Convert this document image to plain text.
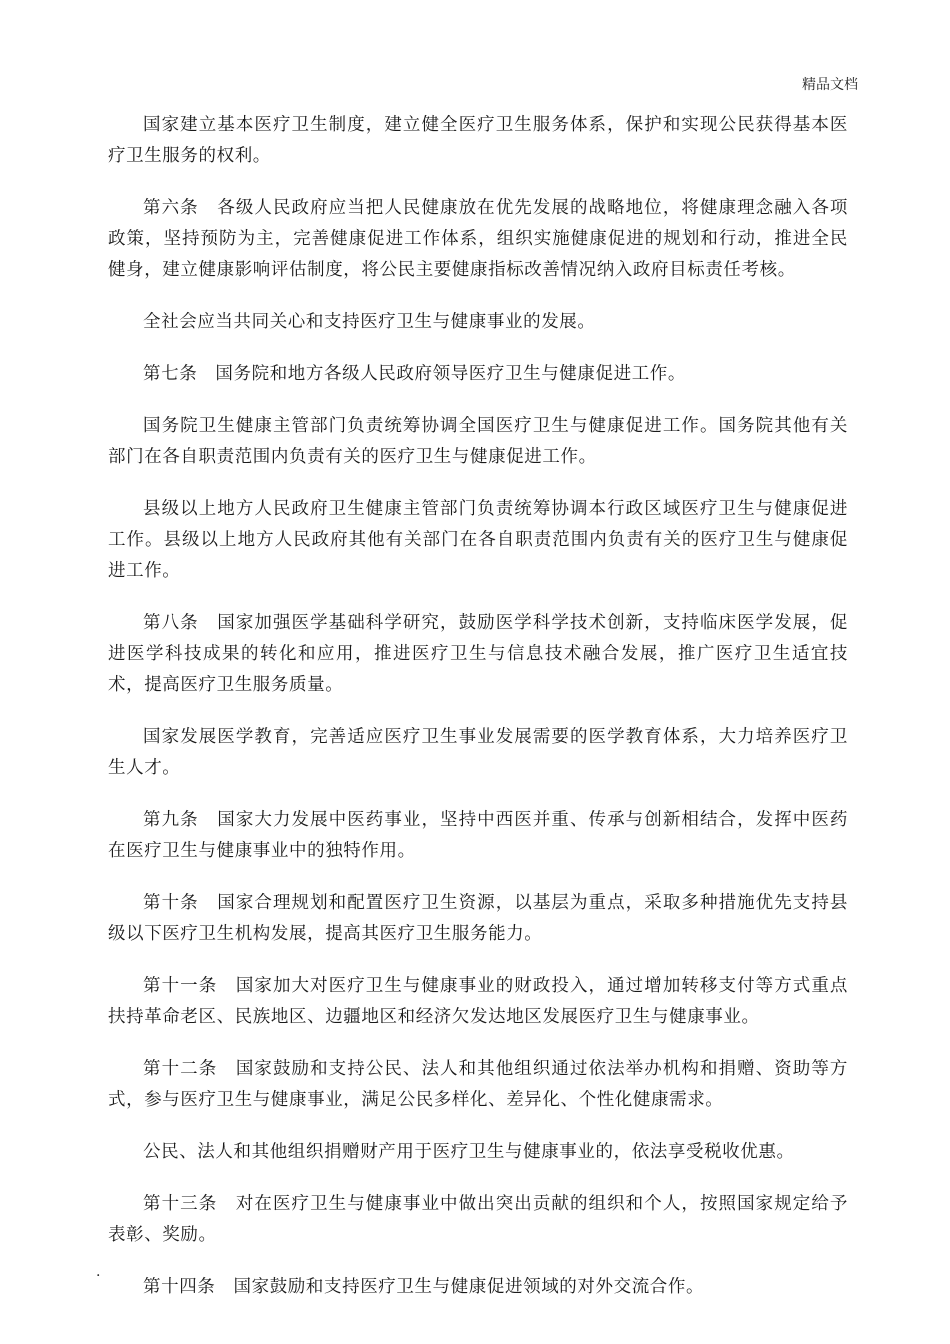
精品文档

国家建立基本医疗卫生制度，建立健全医疗卫生服务体系，保护和实现公民获得基本医疗卫生服务的权利。

第六条　各级人民政府应当把人民健康放在优先发展的战略地位，将健康理念融入各项政策，坚持预防为主，完善健康促进工作体系，组织实施健康促进的规划和行动，推进全民健身，建立健康影响评估制度，将公民主要健康指标改善情况纳入政府目标责任考核。

全社会应当共同关心和支持医疗卫生与健康事业的发展。

第七条　国务院和地方各级人民政府领导医疗卫生与健康促进工作。

国务院卫生健康主管部门负责统筹协调全国医疗卫生与健康促进工作。国务院其他有关部门在各自职责范围内负责有关的医疗卫生与健康促进工作。

县级以上地方人民政府卫生健康主管部门负责统筹协调本行政区域医疗卫生与健康促进工作。县级以上地方人民政府其他有关部门在各自职责范围内负责有关的医疗卫生与健康促进工作。

第八条　国家加强医学基础科学研究，鼓励医学科学技术创新，支持临床医学发展，促进医学科技成果的转化和应用，推进医疗卫生与信息技术融合发展，推广医疗卫生适宜技术，提高医疗卫生服务质量。

国家发展医学教育，完善适应医疗卫生事业发展需要的医学教育体系，大力培养医疗卫生人才。

第九条　国家大力发展中医药事业，坚持中西医并重、传承与创新相结合，发挥中医药在医疗卫生与健康事业中的独特作用。

第十条　国家合理规划和配置医疗卫生资源，以基层为重点，采取多种措施优先支持县级以下医疗卫生机构发展，提高其医疗卫生服务能力。

第十一条　国家加大对医疗卫生与健康事业的财政投入，通过增加转移支付等方式重点扶持革命老区、民族地区、边疆地区和经济欠发达地区发展医疗卫生与健康事业。

第十二条　国家鼓励和支持公民、法人和其他组织通过依法举办机构和捐赠、资助等方式，参与医疗卫生与健康事业，满足公民多样化、差异化、个性化健康需求。

公民、法人和其他组织捐赠财产用于医疗卫生与健康事业的，依法享受税收优惠。

第十三条　对在医疗卫生与健康事业中做出突出贡献的组织和个人，按照国家规定给予表彰、奖励。

第十四条　国家鼓励和支持医疗卫生与健康促进领域的对外交流合作。

.
